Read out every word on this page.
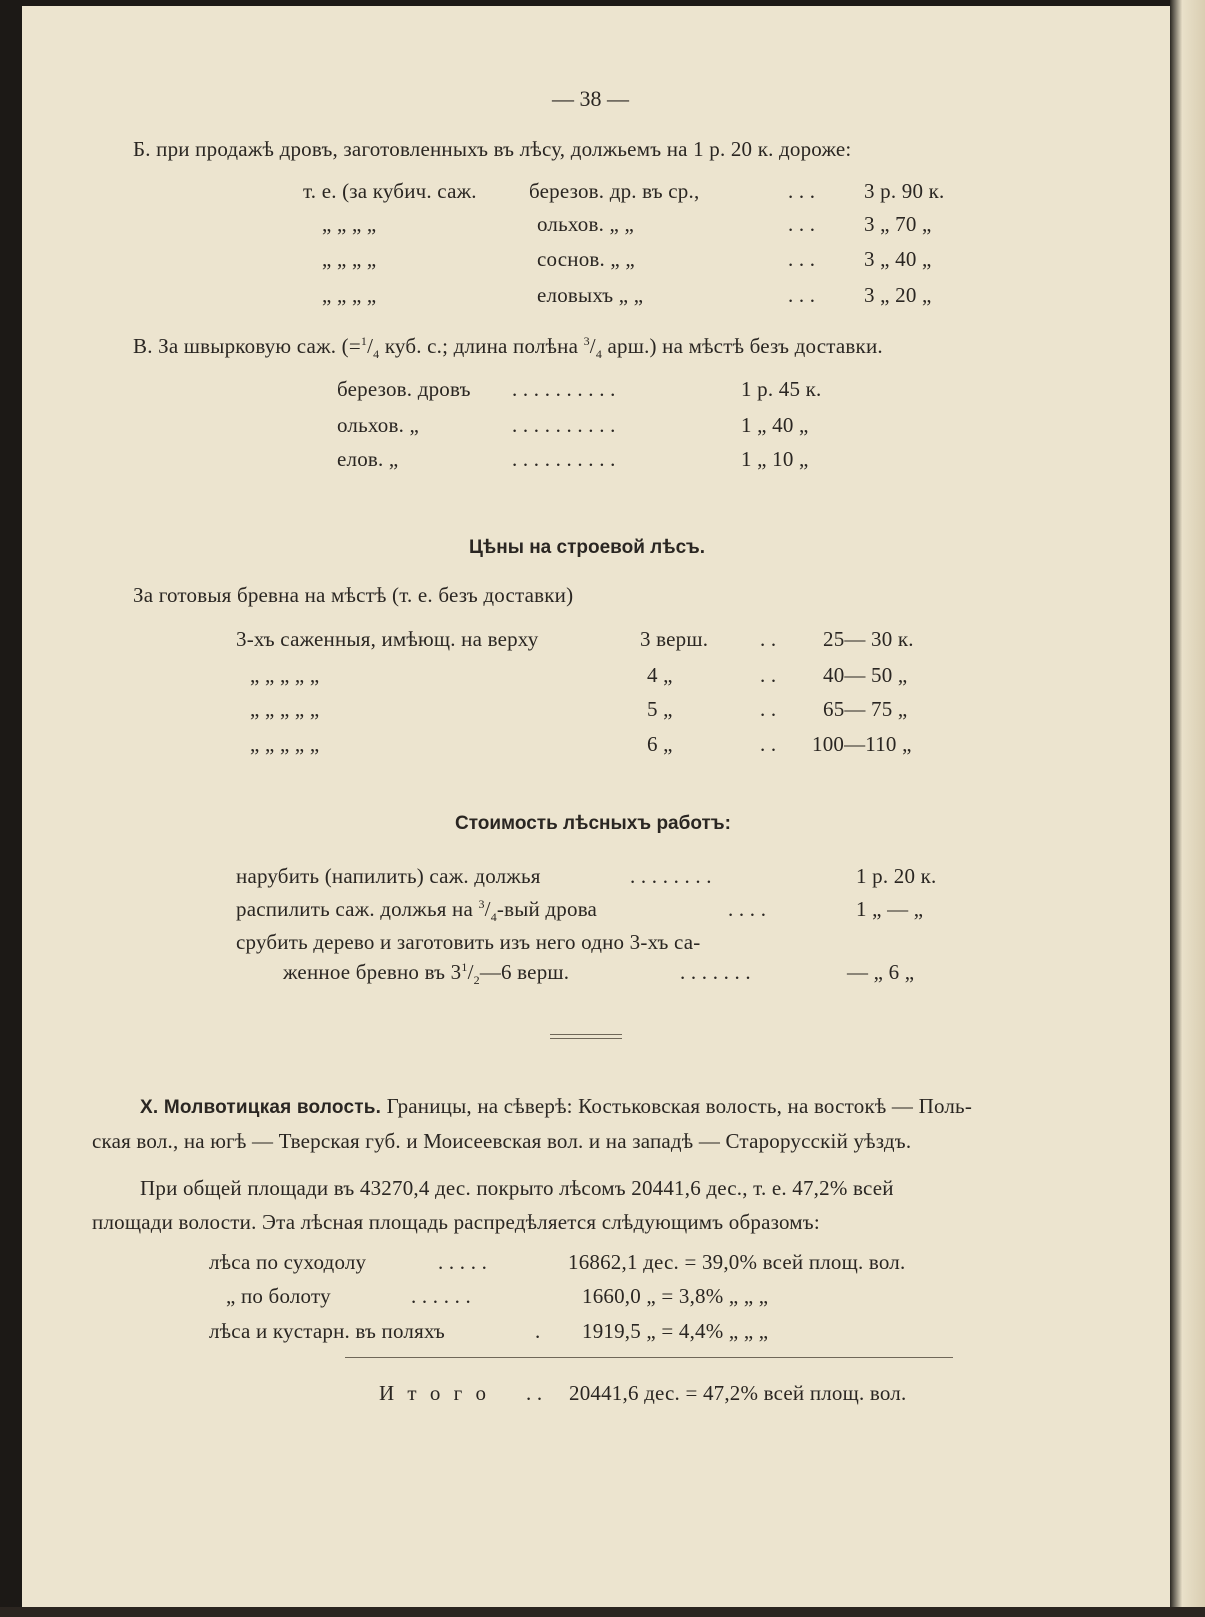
— 38 —
Б. при продажѣ дровъ, заготовленныхъ въ лѣсу, должьемъ на 1 р. 20 к. дороже:
т. е. (за кубич. саж. березов. др. въ ср.,	. . . 3 р. 90 к.
„ „ „ „	ольхов. „ „	. . . 3 „ 70 „
„ „ „ „	соснов. „ „	. . . 3 „ 40 „
„ „ „ „	еловыхъ „ „	. . . 3 „ 20 „
В. За швырковую саж. ($=^1/_4$ куб. с.; длина полѣна $^3/_4$ арш.) на мѣстѣ безъ доставки.
березов. дровъ . . . . . . . . . .	1 р. 45 к.
ольхов. „	. . . . . . . . . .	1 „ 40 „
елов. „	. . . . . . . . . .	1 „ 10 „
Цѣны на строевой лѣсъ.
За готовыя бревна на мѣстѣ (т. е. безъ доставки)
3-хъ саженныя, имѣющ. на верху	3 верш. . . 25— 30 к.
„ „ „ „ „	4 „	. . 40— 50 „
„ „ „ „ „	5 „	. . 65— 75 „
„ „ „ „ „	6 „	. . 100—110 „
Стоимость лѣсныхъ работъ:
нарубить (напилить) саж. должья	. . . . . . . .	1 р. 20 к.
распилить саж. должья на $^3/_4$-вый дрова	. . . .	1 „ — „
срубить дерево и заготовить изъ него одно 3-хъ са-
женное бревно въ $3^1/_2—6$ верш.	. . . . . . .	— „ 6 „
X. Молвотицкая волость. Границы, на сѣверѣ: Костьковская волость, на востокѣ — Поль-
ская вол., на югѣ — Тверская губ. и Моисеевская вол. и на западѣ — Старорусскій уѣздъ.
При общей площади въ 43270,4 дес. покрыто лѣсомъ 20441,6 дес., т. е. 47,2% всей
площади волости. Эта лѣсная площадь распредѣляется слѣдующимъ образомъ:
лѣса по суходолу	. . . . .	16862,1 дес. = 39,0% всей площ. вол.
„ по болоту	. . . . . .	1660,0 „ = 3,8% „ „ „
лѣса и кустарн. въ поляхъ	. 1919,5 „ = 4,4% „ „ „
И т о г о . . 20441,6 дес. = 47,2% всей площ. вол.
